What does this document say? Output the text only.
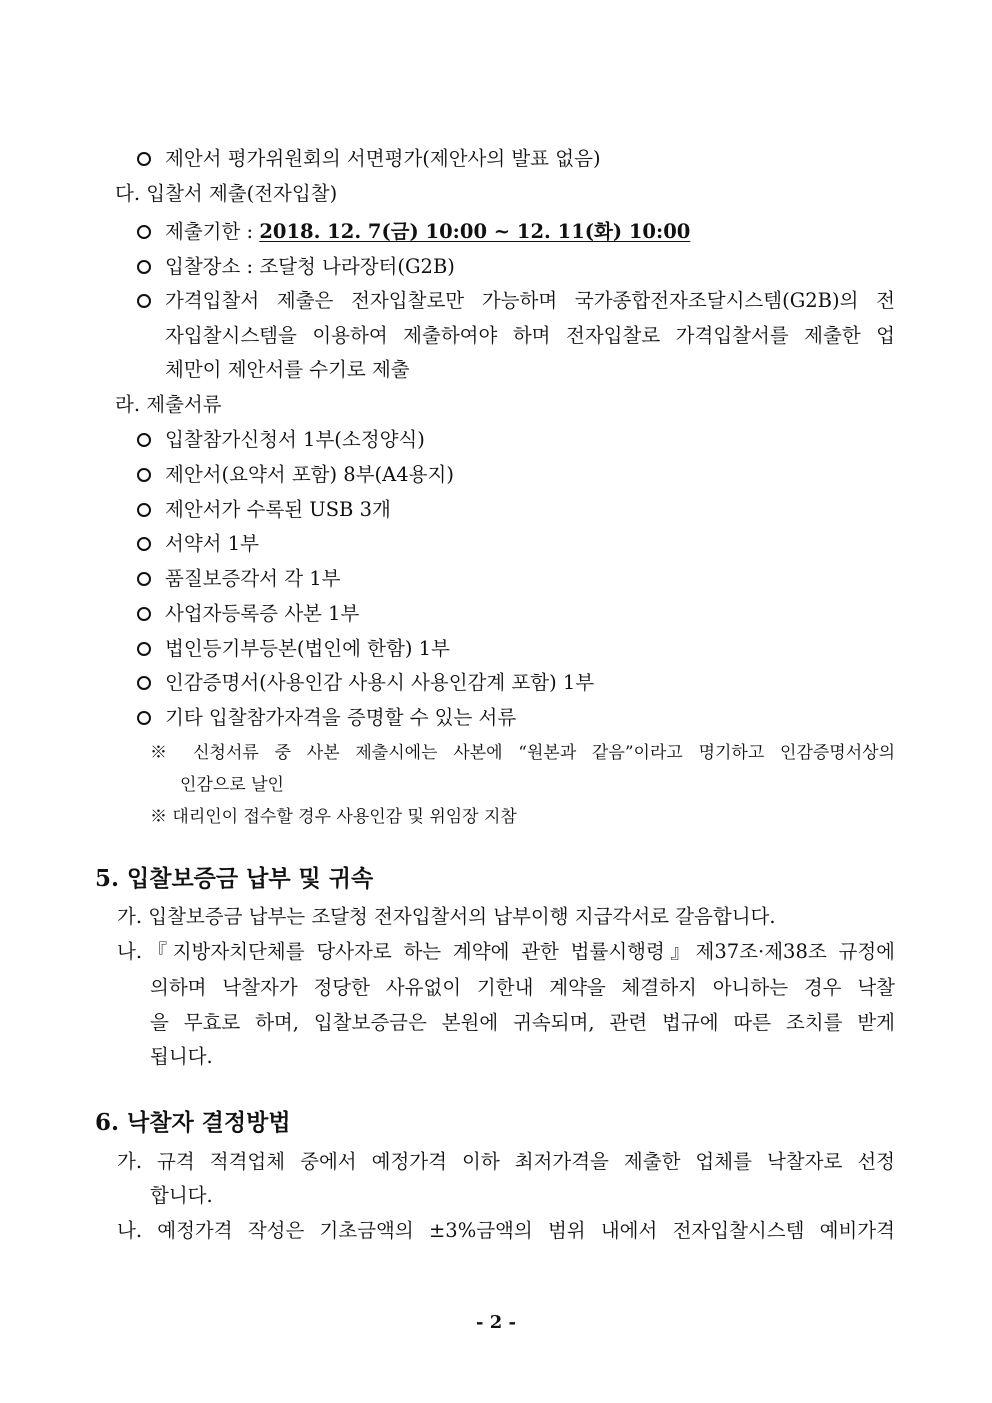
제안서 평가위원회의 서면평가(제안사의 발표 없음)
다. 입찰서 제출(전자입찰)
제출기한 : 2018. 12. 7(금) 10:00 ~ 12. 11(화) 10:00
입찰장소 : 조달청 나라장터(G2B)
가격입찰서 제출은 전자입찰로만 가능하며 국가종합전자조달시스템(G2B)의 전
자입찰시스템을 이용하여 제출하여야 하며 전자입찰로 가격입찰서를 제출한 업
체만이 제안서를 수기로 제출
라. 제출서류
입찰참가신청서 1부(소정양식)
제안서(요약서 포함) 8부(A4용지)
제안서가 수록된 USB 3개
서약서 1부
품질보증각서 각 1부
사업자등록증 사본 1부
법인등기부등본(법인에 한함) 1부
인감증명서(사용인감 사용시 사용인감계 포함) 1부
기타 입찰참가자격을 증명할 수 있는 서류
※ 신청서류 중 사본 제출시에는 사본에 “원본과 같음”이라고 명기하고 인감증명서상의
인감으로 날인
※ 대리인이 접수할 경우 사용인감 및 위임장 지참
5. 입찰보증금 납부 및 귀속
가. 입찰보증금 납부는 조달청 전자입찰서의 납부이행 지급각서로 갈음합니다.
나.『지방자치단체를 당사자로 하는 계약에 관한 법률시행령』제37조·제38조 규정에
의하며 낙찰자가 정당한 사유없이 기한내 계약을 체결하지 아니하는 경우 낙찰
을 무효로 하며, 입찰보증금은 본원에 귀속되며, 관련 법규에 따른 조치를 받게
됩니다.
6. 낙찰자 결정방법
가. 규격 적격업체 중에서 예정가격 이하 최저가격을 제출한 업체를 낙찰자로 선정
합니다.
나. 예정가격 작성은 기초금액의 ±3%금액의 범위 내에서 전자입찰시스템 예비가격
- 2 -
